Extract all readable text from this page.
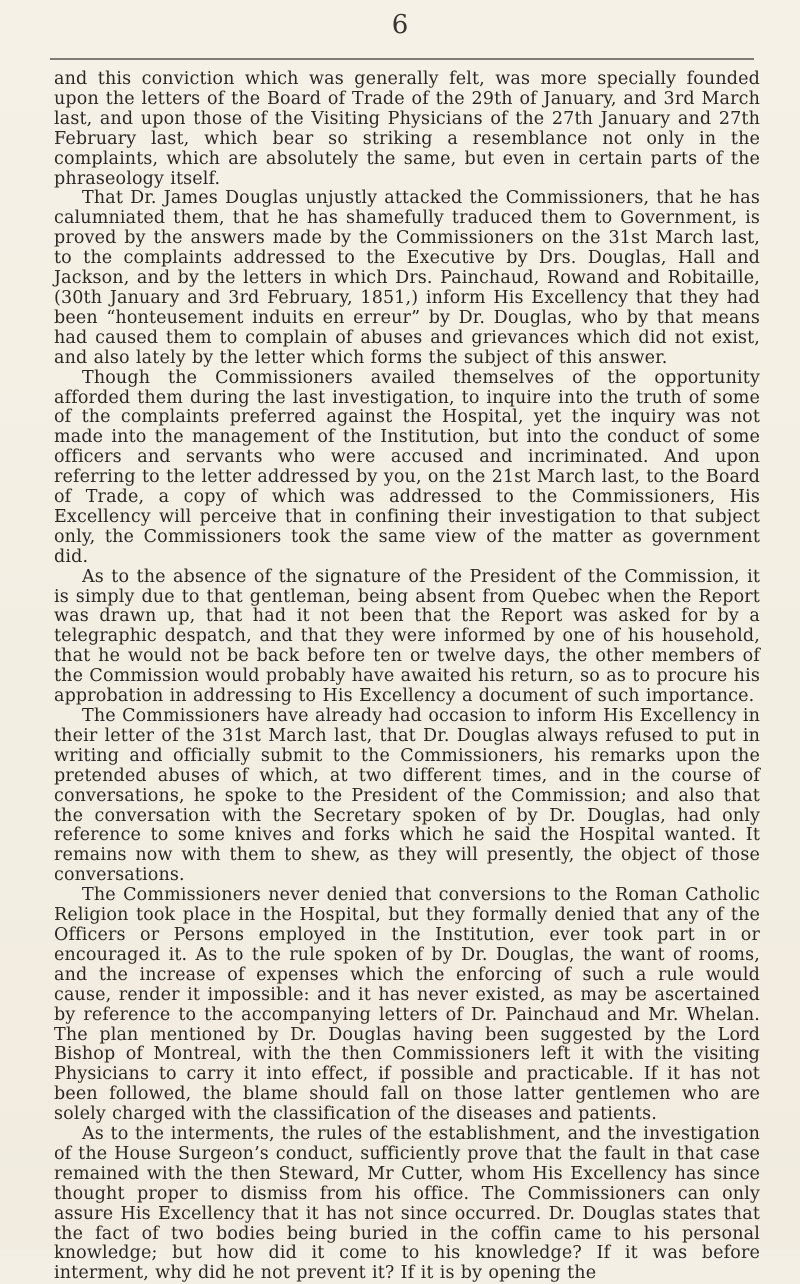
6

and this conviction which was generally felt, was more specially founded upon the letters of the Board of Trade of the 29th of January, and 3rd March last, and upon those of the Visiting Physicians of the 27th January and 27th February last, which bear so striking a resemblance not only in the complaints, which are absolutely the same, but even in certain parts of the phraseology itself.

That Dr. James Douglas unjustly attacked the Commissioners, that he has calumniated them, that he has shamefully traduced them to Government, is proved by the answers made by the Commissioners on the 31st March last, to the complaints addressed to the Executive by Drs. Douglas, Hall and Jackson, and by the letters in which Drs. Painchaud, Rowand and Robitaille, (30th January and 3rd February, 1851,) inform His Excellency that they had been “honteusement induits en erreur” by Dr. Douglas, who by that means had caused them to complain of abuses and grievances which did not exist, and also lately by the letter which forms the subject of this answer.

Though the Commissioners availed themselves of the opportunity afforded them during the last investigation, to inquire into the truth of some of the complaints preferred against the Hospital, yet the inquiry was not made into the management of the Institution, but into the conduct of some officers and servants who were accused and incriminated. And upon referring to the letter addressed by you, on the 21st March last, to the Board of Trade, a copy of which was addressed to the Commissioners, His Excellency will perceive that in confining their investigation to that subject only, the Commissioners took the same view of the matter as government did.

As to the absence of the signature of the President of the Commission, it is simply due to that gentleman, being absent from Quebec when the Report was drawn up, that had it not been that the Report was asked for by a telegraphic despatch, and that they were informed by one of his household, that he would not be back before ten or twelve days, the other members of the Commission would probably have awaited his return, so as to procure his approbation in addressing to His Excellency a document of such importance.

The Commissioners have already had occasion to inform His Excellency in their letter of the 31st March last, that Dr. Douglas always refused to put in writing and officially submit to the Commissioners, his remarks upon the pretended abuses of which, at two different times, and in the course of conversations, he spoke to the President of the Commission; and also that the conversation with the Secretary spoken of by Dr. Douglas, had only reference to some knives and forks which he said the Hospital wanted. It remains now with them to shew, as they will presently, the object of those conversations.

The Commissioners never denied that conversions to the Roman Catholic Religion took place in the Hospital, but they formally denied that any of the Officers or Persons employed in the Institution, ever took part in or encouraged it. As to the rule spoken of by Dr. Douglas, the want of rooms, and the increase of expenses which the enforcing of such a rule would cause, render it impossible: and it has never existed, as may be ascertained by reference to the accompanying letters of Dr. Painchaud and Mr. Whelan. The plan mentioned by Dr. Douglas having been suggested by the Lord Bishop of Montreal, with the then Commissioners left it with the visiting Physicians to carry it into effect, if possible and practicable. If it has not been followed, the blame should fall on those latter gentlemen who are solely charged with the classification of the diseases and patients.

As to the interments, the rules of the establishment, and the investigation of the House Surgeon’s conduct, sufficiently prove that the fault in that case remained with the then Steward, Mr Cutter, whom His Excellency has since thought proper to dismiss from his office. The Commissioners can only assure His Excellency that it has not since occurred. Dr. Douglas states that the fact of two bodies being buried in the coffin came to his personal knowledge; but how did it come to his knowledge? If it was before interment, why did he not prevent it? If it is by opening the
